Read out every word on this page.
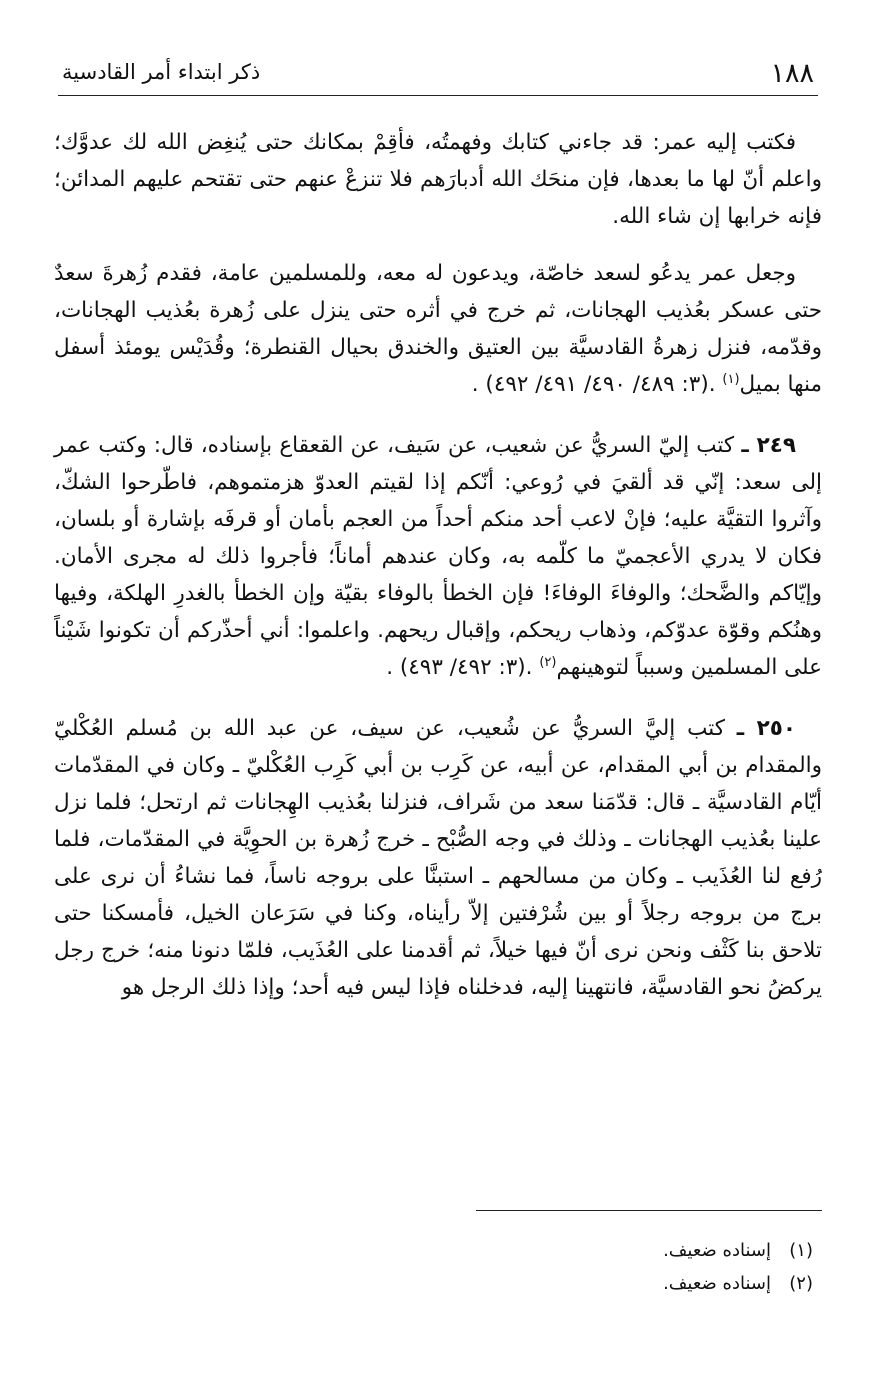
١٨٨
ذكر ابتداء أمر القادسية

فكتب إليه عمر: قد جاءني كتابك وفهمتُه، فأقِمْ بمكانك حتى يُنغِض الله لك عدوَّك؛ واعلم أنّ لها ما بعدها، فإن منحَك الله أدبارَهم فلا تنزعْ عنهم حتى تقتحم عليهم المدائن؛ فإنه خرابها إن شاء الله.

وجعل عمر يدعُو لسعد خاصّة، ويدعون له معه، وللمسلمين عامة، فقدم زُهرةَ سعدٌ حتى عسكر بعُذيب الهجانات، ثم خرج في أثره حتى ينزل على زُهرة بعُذيب الهجانات، وقدّمه، فنزل زهرةُ القادسيَّة بين العتيق والخندق بحيال القنطرة؛ وقُدَيْس يومئذ أسفل منها بميل$^{(١)}$ .(٣: ٤٨٩/ ٤٩٠/ ٤٩١/ ٤٩٢) .

٢٤٩ ـ كتب إليّ السريُّ عن شعيب، عن سَيف، عن القعقاع بإسناده، قال: وكتب عمر إلى سعد: إنّي قد ألقيَ في رُوعي: أنّكم إذا لقيتم العدوّ هزمتموهم، فاطّرحوا الشكّ، وآثروا التقيَّة عليه؛ فإنْ لاعب أحد منكم أحداً من العجم بأمان أو قرفَه بإشارة أو بلسان، فكان لا يدري الأعجميّ ما كلّمه به، وكان عندهم أماناً؛ فأجروا ذلك له مجرى الأمان. وإيّاكم والضَّحك؛ والوفاءَ الوفاءَ! فإن الخطأ بالوفاء بقيّة وإن الخطأ بالغدرِ الهلكة، وفيها وهنُكم وقوّة عدوّكم، وذهاب ريحكم، وإقبال ريحهم. واعلموا: أني أحذّركم أن تكونوا شَيْناً على المسلمين وسبباً لتوهينهم$^{(٢)}$ .(٣: ٤٩٢/ ٤٩٣) .

٢٥٠ ـ كتب إليَّ السريُّ عن شُعيب، عن سيف، عن عبد الله بن مُسلم العُكْليّ والمقدام بن أبي المقدام، عن أبيه، عن كَرِب بن أبي كَرِب العُكْليّ ـ وكان في المقدّمات أيّام القادسيَّة ـ قال: قدّمَنا سعد من شَراف، فنزلنا بعُذيب الهِجانات ثم ارتحل؛ فلما نزل علينا بعُذيب الهجانات ـ وذلك في وجه الصُّبْح ـ خرج زُهرة بن الحوِيَّة في المقدّمات، فلما رُفع لنا العُذَيب ـ وكان من مسالحهم ـ استبنَّا على بروجه ناساً، فما نشاءُ أن نرى على برج من بروجه رجلاً أو بين شُرْفتين إلاّ رأيناه، وكنا في سَرَعان الخيل، فأمسكنا حتى تلاحق بنا كَثْف ونحن نرى أنّ فيها خيلاً، ثم أقدمنا على العُذَيب، فلمّا دنونا منه؛ خرج رجل يركضُ نحو القادسيَّة، فانتهينا إليه، فدخلناه فإذا ليس فيه أحد؛ وإذا ذلك الرجل هو

(١)
إسناده ضعيف.
(٢)
إسناده ضعيف.
